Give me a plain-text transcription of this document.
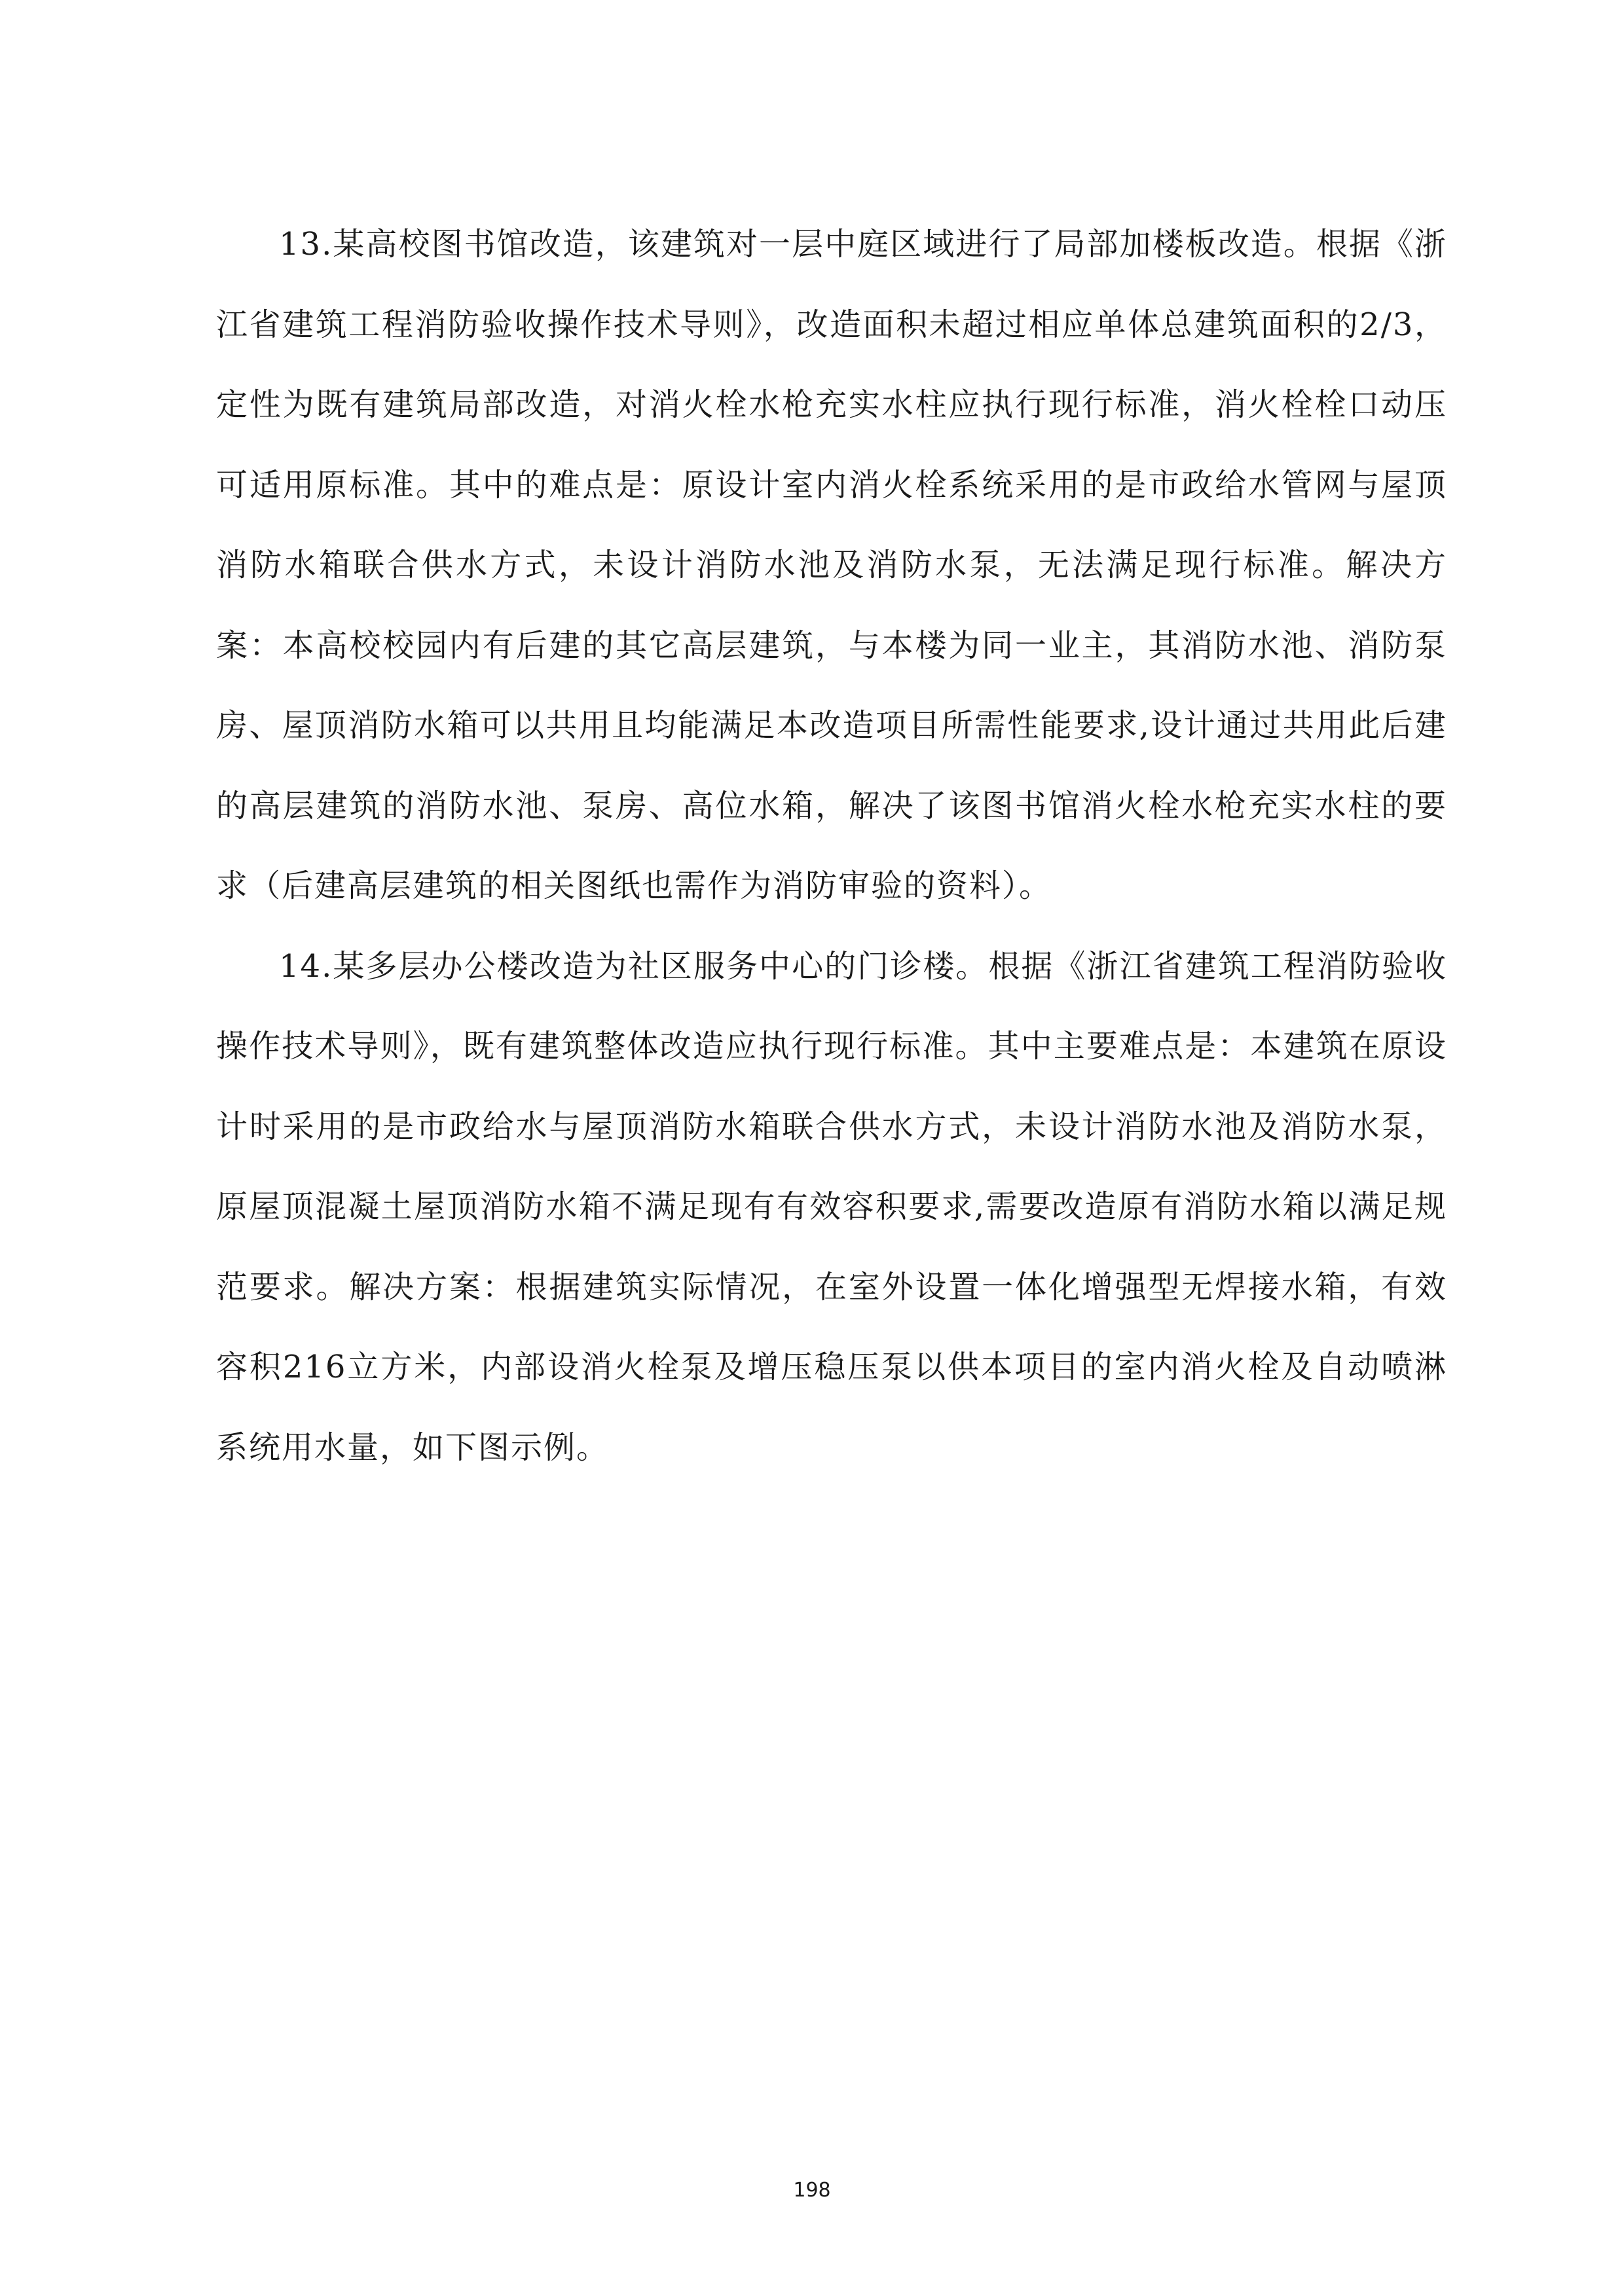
13.某高校图书馆改造，该建筑对一层中庭区域进行了局部加楼板改造。根据《浙江省建筑工程消防验收操作技术导则》，改造面积未超过相应单体总建筑面积的2/3，定性为既有建筑局部改造，对消火栓水枪充实水柱应执行现行标准，消火栓栓口动压可适用原标准。其中的难点是：原设计室内消火栓系统采用的是市政给水管网与屋顶消防水箱联合供水方式，未设计消防水池及消防水泵，无法满足现行标准。解决方案：本高校校园内有后建的其它高层建筑，与本楼为同一业主，其消防水池、消防泵房、屋顶消防水箱可以共用且均能满足本改造项目所需性能要求,设计通过共用此后建的高层建筑的消防水池、泵房、高位水箱，解决了该图书馆消火栓水枪充实水柱的要求（后建高层建筑的相关图纸也需作为消防审验的资料）。

14.某多层办公楼改造为社区服务中心的门诊楼。根据《浙江省建筑工程消防验收操作技术导则》，既有建筑整体改造应执行现行标准。其中主要难点是：本建筑在原设计时采用的是市政给水与屋顶消防水箱联合供水方式，未设计消防水池及消防水泵，原屋顶混凝土屋顶消防水箱不满足现有有效容积要求,需要改造原有消防水箱以满足规范要求。解决方案：根据建筑实际情况，在室外设置一体化增强型无焊接水箱，有效容积216立方米，内部设消火栓泵及增压稳压泵以供本项目的室内消火栓及自动喷淋系统用水量，如下图示例。

198
